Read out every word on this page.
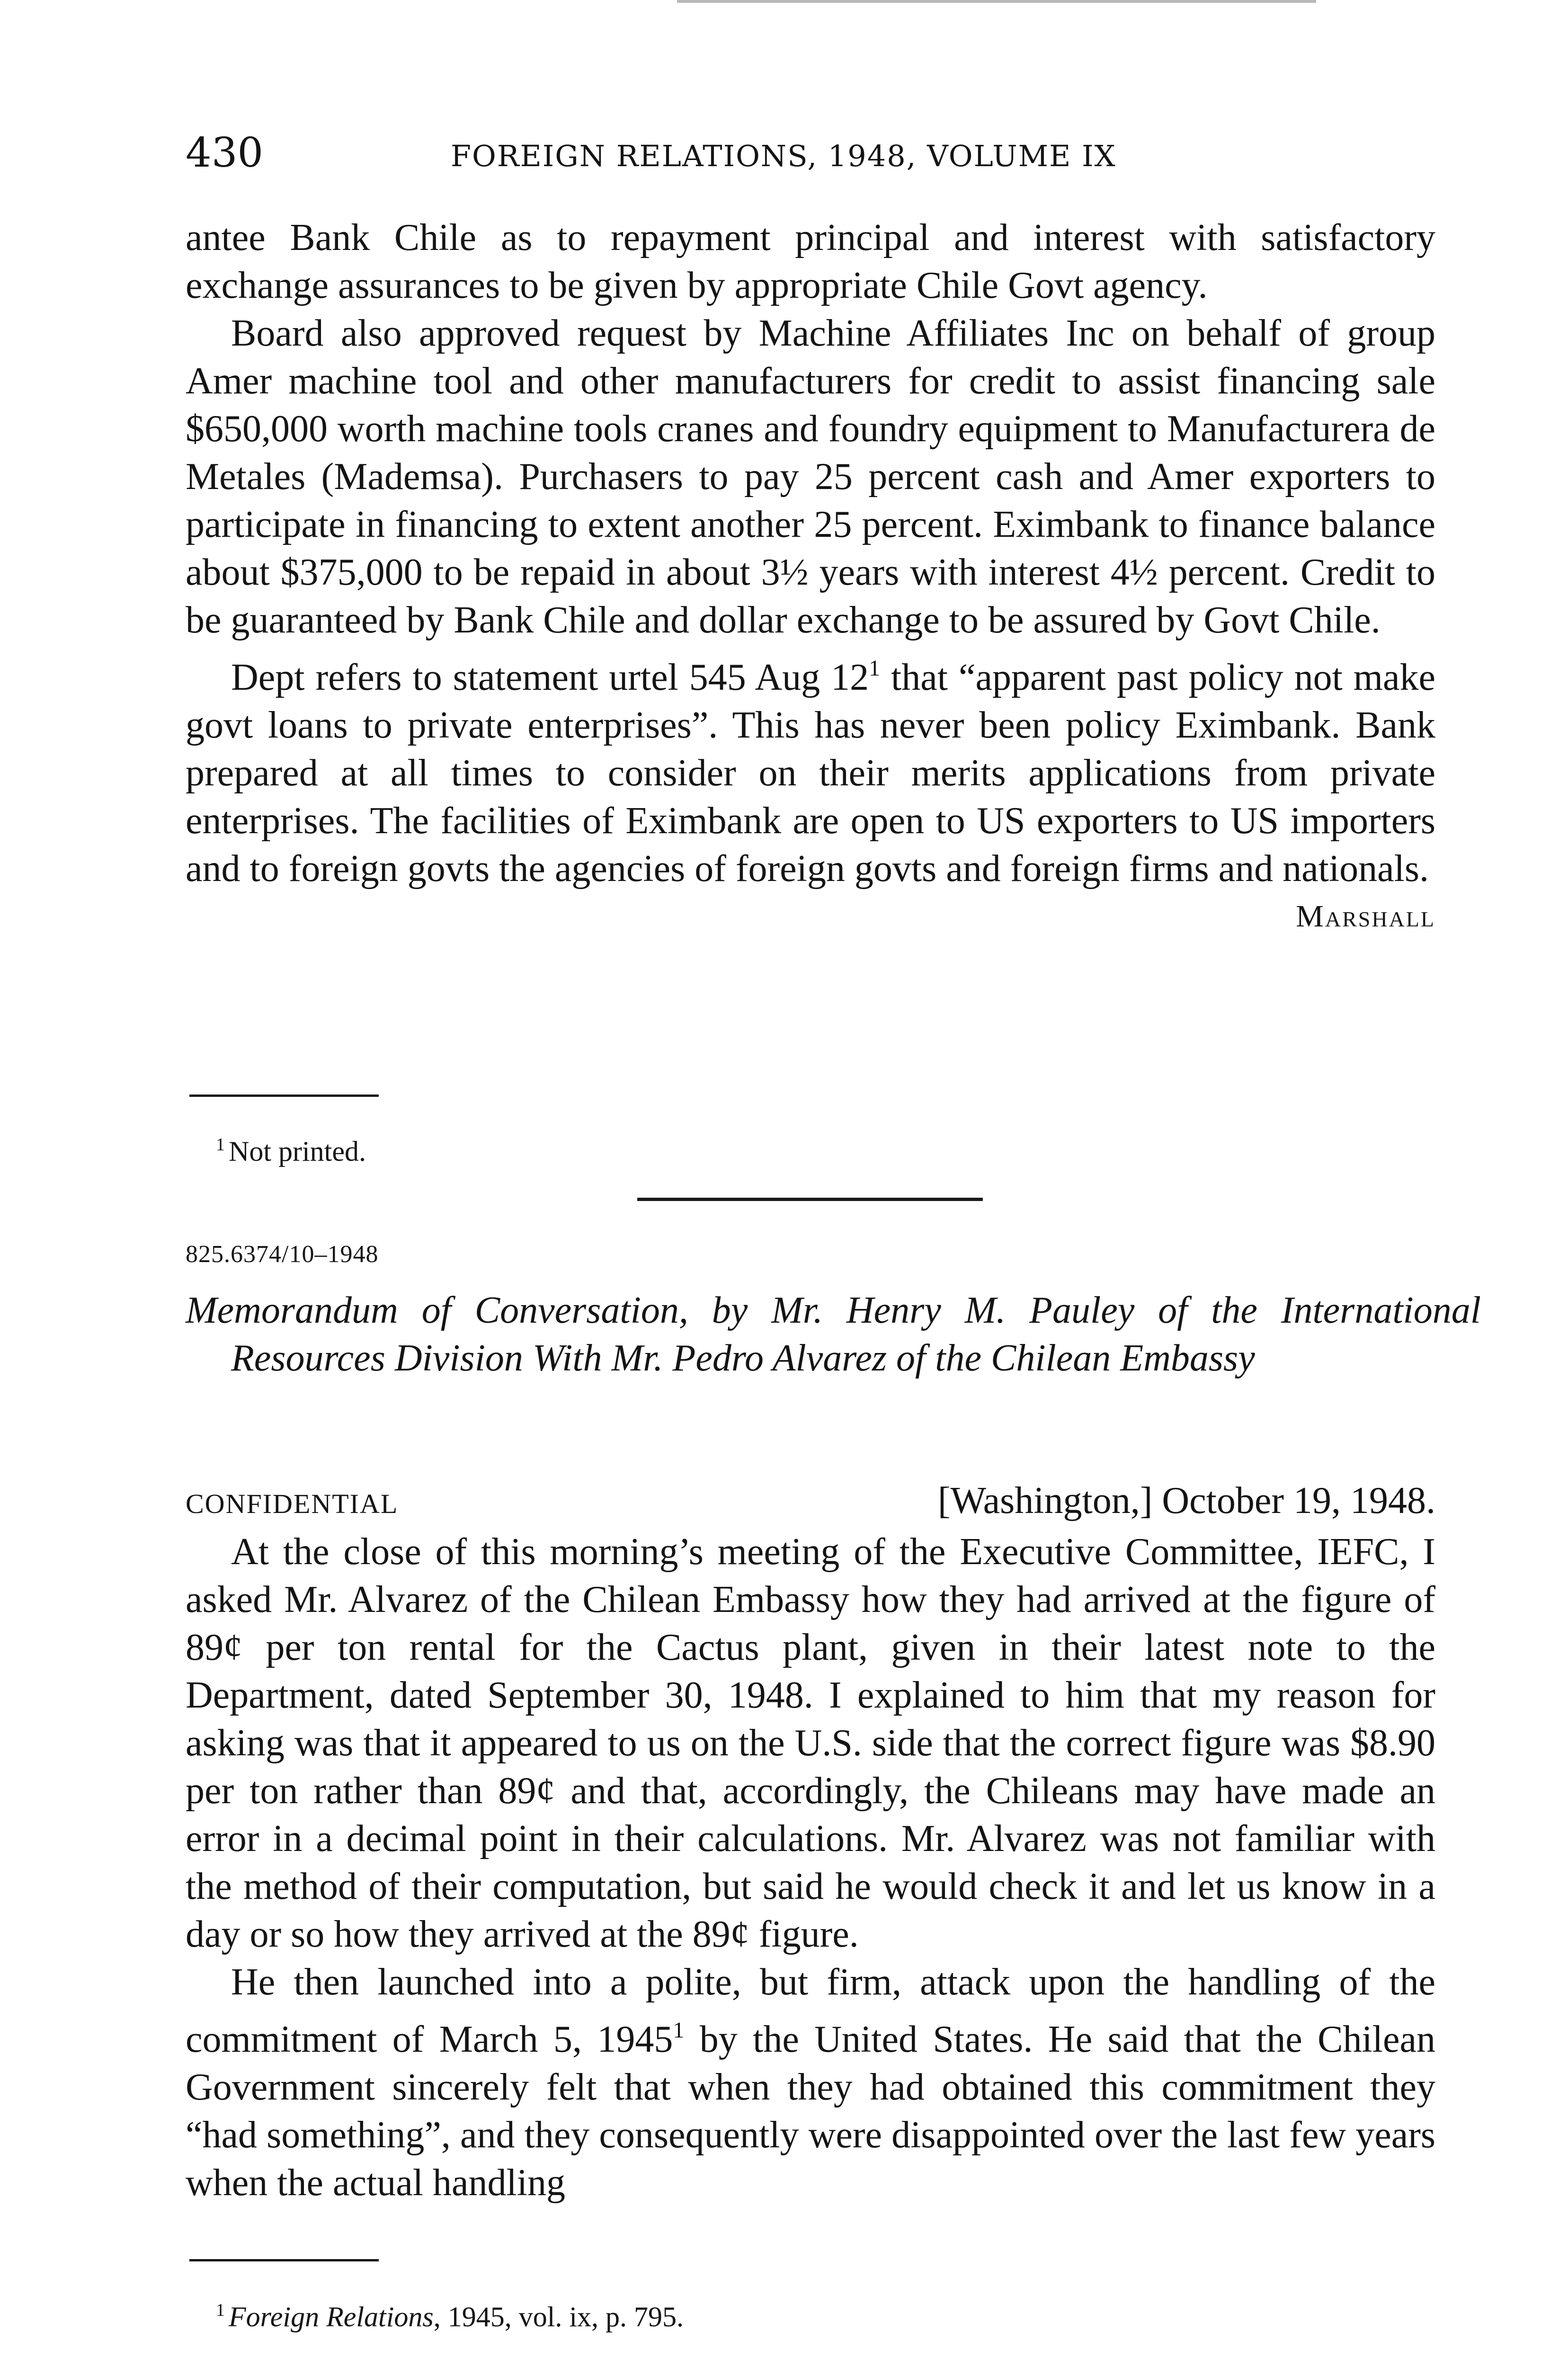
430	FOREIGN RELATIONS, 1948, VOLUME IX

antee Bank Chile as to repayment principal and interest with satisfactory exchange assurances to be given by appropriate Chile Govt agency.

Board also approved request by Machine Affiliates Inc on behalf of group Amer machine tool and other manufacturers for credit to assist financing sale $650,000 worth machine tools cranes and foundry equipment to Manufacturera de Metales (Mademsa). Purchasers to pay 25 percent cash and Amer exporters to participate in financing to extent another 25 percent. Eximbank to finance balance about $375,000 to be repaid in about 3½ years with interest 4½ percent. Credit to be guaranteed by Bank Chile and dollar exchange to be assured by Govt Chile.

Dept refers to statement urtel 545 Aug 12$^1$ that “apparent past policy not make govt loans to private enterprises”. This has never been policy Eximbank. Bank prepared at all times to consider on their merits applications from private enterprises. The facilities of Eximbank are open to US exporters to US importers and to foreign govts the agencies of foreign govts and foreign firms and nationals.

Marshall

$^1$ Not printed.
825.6374/10–1948

Memorandum of Conversation, by Mr. Henry M. Pauley of the International Resources Division With Mr. Pedro Alvarez of the Chilean Embassy

CONFIDENTIAL	[Washington,] October 19, 1948.

At the close of this morning’s meeting of the Executive Committee, IEFC, I asked Mr. Alvarez of the Chilean Embassy how they had arrived at the figure of 89¢ per ton rental for the Cactus plant, given in their latest note to the Department, dated September 30, 1948. I explained to him that my reason for asking was that it appeared to us on the U.S. side that the correct figure was $8.90 per ton rather than 89¢ and that, accordingly, the Chileans may have made an error in a decimal point in their calculations. Mr. Alvarez was not familiar with the method of their computation, but said he would check it and let us know in a day or so how they arrived at the 89¢ figure.

He then launched into a polite, but firm, attack upon the handling of the commitment of March 5, 1945$^1$ by the United States. He said that the Chilean Government sincerely felt that when they had obtained this commitment they “had something”, and they consequently were disappointed over the last few years when the actual handling

$^1$ Foreign Relations, 1945, vol. ix, p. 795.
